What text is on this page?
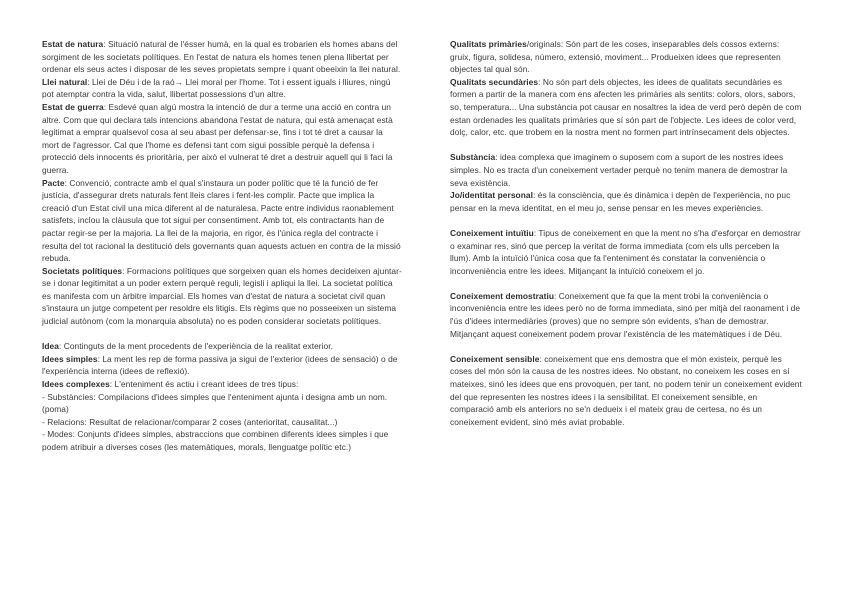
Estat de natura: Situació natural de l'ésser humà, en la qual es trobarien els homes abans del sorgiment de les societats polítiques. En l'estat de natura els homes tenen plena llibertat per ordenar els seus actes i disposar de les seves propietats sempre i quant obeeixin la llei natural.

Llei natural: Llei de Déu i de la raó→ Llei moral per l'home. Tot i essent iguals i lliures, ningú pot atemptar contra la vida, salut, llibertat possessions d'un altre.

Estat de guerra: Esdevé quan algú mostra la intenció de dur a terme una acció en contra un altre. Com que qui declara tals intencions abandona l'estat de natura, qui està amenaçat està legitimat a emprar qualsevol cosa al seu abast per defensar-se, fins i tot té dret a causar la mort de l'agressor. Cal que l'home es defensi tant com sigui possible perquè la defensa i protecció dels innocents és prioritària, per això el vulnerat té dret a destruir aquell qui li faci la guerra.

Pacte: Convenció, contracte amb el qual s'instaura un poder polític que té la funció de fer justícia, d'assegurar drets naturals fent lleis clares i fent-les complir. Pacte que implica la creació d'un Estat civil una mica diferent al de naturalesa. Pacte entre individus raonablement satisfets, inclou la clàusula que tot sigui per consentiment. Amb tot, els contractants han de pactar regir-se per la majoria. La llei de la majoria, en rigor, és l'única regla del contracte i resulta del tot racional la destitució dels governants quan aquests actuen en contra de la missió rebuda.

Societats polítiques: Formacions polítiques que sorgeixen quan els homes decideixen ajuntar-se i donar legitimitat a un poder extern perquè reguli, legisli i apliqui la llei. La societat política es manifesta com un àrbitre imparcial. Els homes van d'estat de natura a societat civil quan s'instaura un jutge competent per resoldre els litigis. Els règims que no posseeixen un sistema judicial autònom (com la monarquia absoluta) no es poden considerar societats polítiques.

Idea: Continguts de la ment procedents de l'experiència de la realitat exterior.

Idees simples: La ment les rep de forma passiva ja sigui de l'exterior (idees de sensació) o de l'experiència interna (idees de reflexió).

Idees complexes: L'enteniment és actiu i creant idees de tres tipus:

- Substàncies: Compilacions d'idees simples que l'enteniment ajunta i designa amb un nom. (poma)

- Relacions: Resultat de relacionar/comparar 2 coses (anterioritat, causalitat...)

- Modes: Conjunts d'idees simples, abstraccions que combinen diferents idees simples i que podem atribuir a diverses coses (les matemàtiques, morals, llenguatge polític etc.)

Qualitats primàries/originals: Són part de les coses, inseparables dels cossos externs: gruix, figura, solidesa, número, extensió, moviment... Produeixen idees que representen objectes tal qual són.

Qualitats secundàries: No són part dels objectes, les idees de qualitats secundàries es formen a partir de la manera com ens afecten les primàries als sentits: colors, olors, sabors, so, temperatura... Una substància pot causar en nosaltres la idea de verd però depèn de com estan ordenades les qualitats primàries que sí són part de l'objecte. Les idees de color verd, dolç, calor, etc. que trobem en la nostra ment no formen part intrínsecament dels objectes.

Substància: idea complexa que imaginem o suposem com a suport de les nostres idees simples. No es tracta d'un coneixement vertader perquè no tenim manera de demostrar la seva existència.

Jo/identitat personal: és la consciència, que és dinàmica i depèn de l'experiència, no puc pensar en la meva identitat, en el meu jo, sense pensar en les meves experiències.

Coneixement intuïtiu: Tipus de coneixement en que la ment no s'ha d'esforçar en demostrar o examinar res, sinó que percep la veritat de forma immediata (com els ulls perceben la llum). Amb la intuïció l'única cosa que fa l'enteniment és constatar la conveniència o inconveniència entre les idees. Mitjançant la intuïció coneixem el jo.

Coneixement demostratiu: Coneixement que fa que la ment trobi la conveniència o inconveniència entre les idees però no de forma immediata, sinó per mitjà del raonament i de l'ús d'idees intermediàries (proves) que no sempre són evidents, s'han de demostrar. Mitjançant aquest coneixement podem provar l'existència de les matemàtiques i de Déu.

Coneixement sensible: coneixement que ens demostra que el món existeix, perquè les coses del món són la causa de les nostres idees. No obstant, no coneixem les coses en sí mateixes, sinó les idees que ens provoquen, per tant, no podem tenir un coneixement evident del que representen les nostres idees i la sensibilitat. El coneixement sensible, en comparació amb els anteriors no se'n dedueix i el mateix grau de certesa, no és un coneixement evident, sinó més aviat probable.
